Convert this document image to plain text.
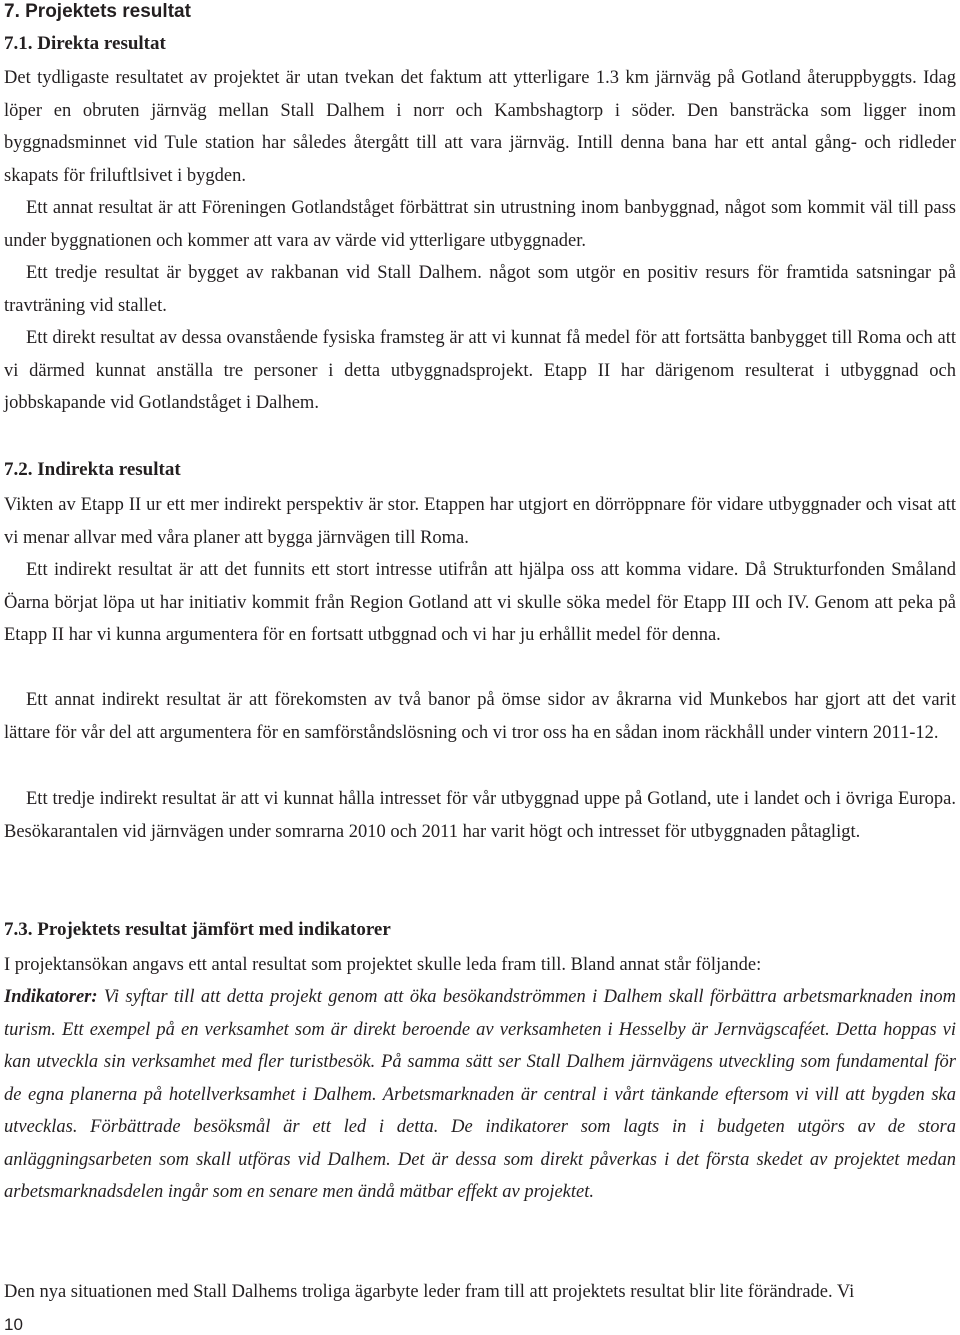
7. Projektets resultat
7.1. Direkta resultat

Det tydligaste resultatet av projektet är utan tvekan det faktum att ytterligare 1.3 km järnväg på Gotland återuppbyggts. Idag löper en obruten järnväg mellan Stall Dalhem i norr och Kambshagtorp i söder. Den bansträcka som ligger inom byggnadsminnet vid Tule station har således återgått till att vara järnväg. Intill denna bana har ett antal gång- och ridleder skapats för friluftlsivet i bygden.

Ett annat resultat är att Föreningen Gotlandståget förbättrat sin utrustning inom banbyggnad, något som kommit väl till pass under byggnationen och kommer att vara av värde vid ytterligare utbyggnader.

Ett tredje resultat är bygget av rakbanan vid Stall Dalhem. något som utgör en positiv resurs för framtida satsningar på travträning vid stallet.

Ett direkt resultat av dessa ovanstående fysiska framsteg är att vi kunnat få medel för att fortsätta banbygget till Roma och att vi därmed kunnat anställa tre personer i detta utbyggnadsprojekt. Etapp II har därigenom resulterat i utbyggnad och jobbskapande vid Gotlandståget i Dalhem.

7.2. Indirekta resultat

Vikten av Etapp II ur ett mer indirekt perspektiv är stor. Etappen har utgjort en dörröppnare för vidare utbyggnader och visat att vi menar allvar med våra planer att bygga järnvägen till Roma.

Ett indirekt resultat är att det funnits ett stort intresse utifrån att hjälpa oss att komma vidare. Då Strukturfonden Småland Öarna börjat löpa ut har initiativ kommit från Region Gotland att vi skulle söka medel för Etapp III och IV. Genom att peka på Etapp II har vi kunna argumentera för en fortsatt utbggnad och vi har ju erhållit medel för denna.

Ett annat indirekt resultat är att förekomsten av två banor på ömse sidor av åkrarna vid Munkebos har gjort att det varit lättare för vår del att argumentera för en samförståndslösning och vi tror oss ha en sådan inom räckhåll under vintern 2011-12.

Ett tredje indirekt resultat är att vi kunnat hålla intresset för vår utbyggnad uppe på Gotland, ute i landet och i övriga Europa. Besökarantalen vid järnvägen under somrarna 2010 och 2011 har varit högt och intresset för utbyggnaden påtagligt.

7.3. Projektets resultat jämfört med indikatorer

I projektansökan angavs ett antal resultat som projektet skulle leda fram till. Bland annat står följande:

Indikatorer: Vi syftar till att detta projekt genom att öka besökandströmmen i Dalhem skall förbättra arbetsmarknaden inom turism. Ett exempel på en verksamhet som är direkt beroende av verksamheten i Hesselby är Jernvägscaféet. Detta hoppas vi kan utveckla sin verksamhet med fler turistbesök. På samma sätt ser Stall Dalhem järnvägens utveckling som fundamental för de egna planerna på hotellverksamhet i Dalhem. Arbetsmarknaden är central i vårt tänkande eftersom vi vill att bygden ska utvecklas. Förbättrade besöksmål är ett led i detta. De indikatorer som lagts in i budgeten utgörs av de stora anläggningsarbeten som skall utföras vid Dalhem. Det är dessa som direkt påverkas i det första skedet av projektet medan arbetsmarknadsdelen ingår som en senare men ändå mätbar effekt av projektet.

Den nya situationen med Stall Dalhems troliga ägarbyte leder fram till att projektets resultat blir lite förändrade. Vi

10
